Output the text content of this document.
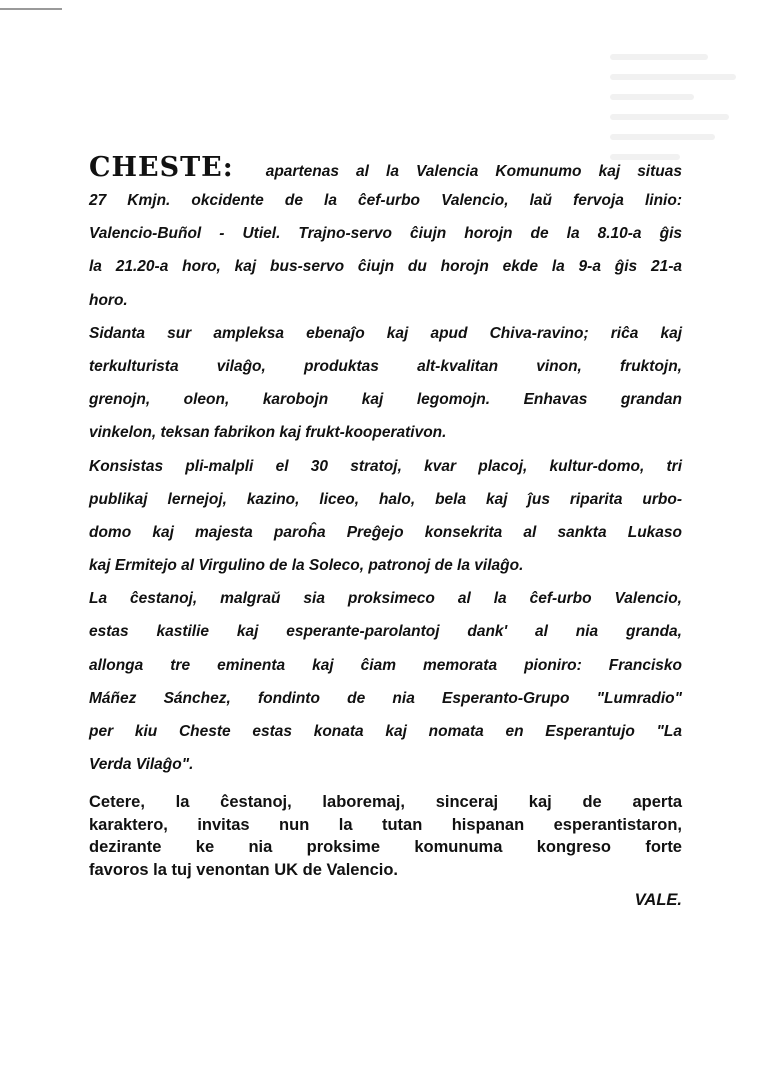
CHESTE: apartenas al la Valencia Komunumo kaj situas
27 Kmjn. okcidente de la ĉef-urbo Valencio, laŭ fervoja linio:
Valencio-Buñol - Utiel. Trajno-servo ĉiujn horojn de la 8.10-a ĝis
la 21.20-a horo, kaj bus-servo ĉiujn du horojn ekde la 9-a ĝis 21-a
horo.
Sidanta sur ampleksa ebenaĵo kaj apud Chiva-ravino; riĉa kaj
terkulturista vilaĝo, produktas alt-kvalitan vinon, fruktojn,
grenojn, oleon, karobojn kaj legomojn. Enhavas grandan
vinkelon, teksan fabrikon kaj frukt-kooperativon.
Konsistas pli-malpli el 30 stratoj, kvar placoj, kultur-domo, tri
publikaj lernejoj, kazino, liceo, halo, bela kaj ĵus riparita urbo-
domo kaj majesta paroĥa Preĝejo konsekrita al sankta Lukaso
kaj Ermitejo al Virgulino de la Soleco, patronoj de la vilaĝo.
La ĉestanoj, malgraŭ sia proksimeco al la ĉef-urbo Valencio,
estas kastilie kaj esperante-parolantoj dank' al nia granda,
allonga tre eminenta kaj ĉiam memorata pioniro: Francisko
Máñez Sánchez, fondinto de nia Esperanto-Grupo "Lumradio"
per kiu Cheste estas konata kaj nomata en Esperantujo "La
Verda Vilaĝo".
Cetere, la ĉestanoj, laboremaj, sinceraj kaj de aperta
karaktero, invitas nun la tutan hispanan esperantistaron,
dezirante ke nia proksime komunuma kongreso forte
favoros la tuj venontan UK de Valencio.
VALE.
